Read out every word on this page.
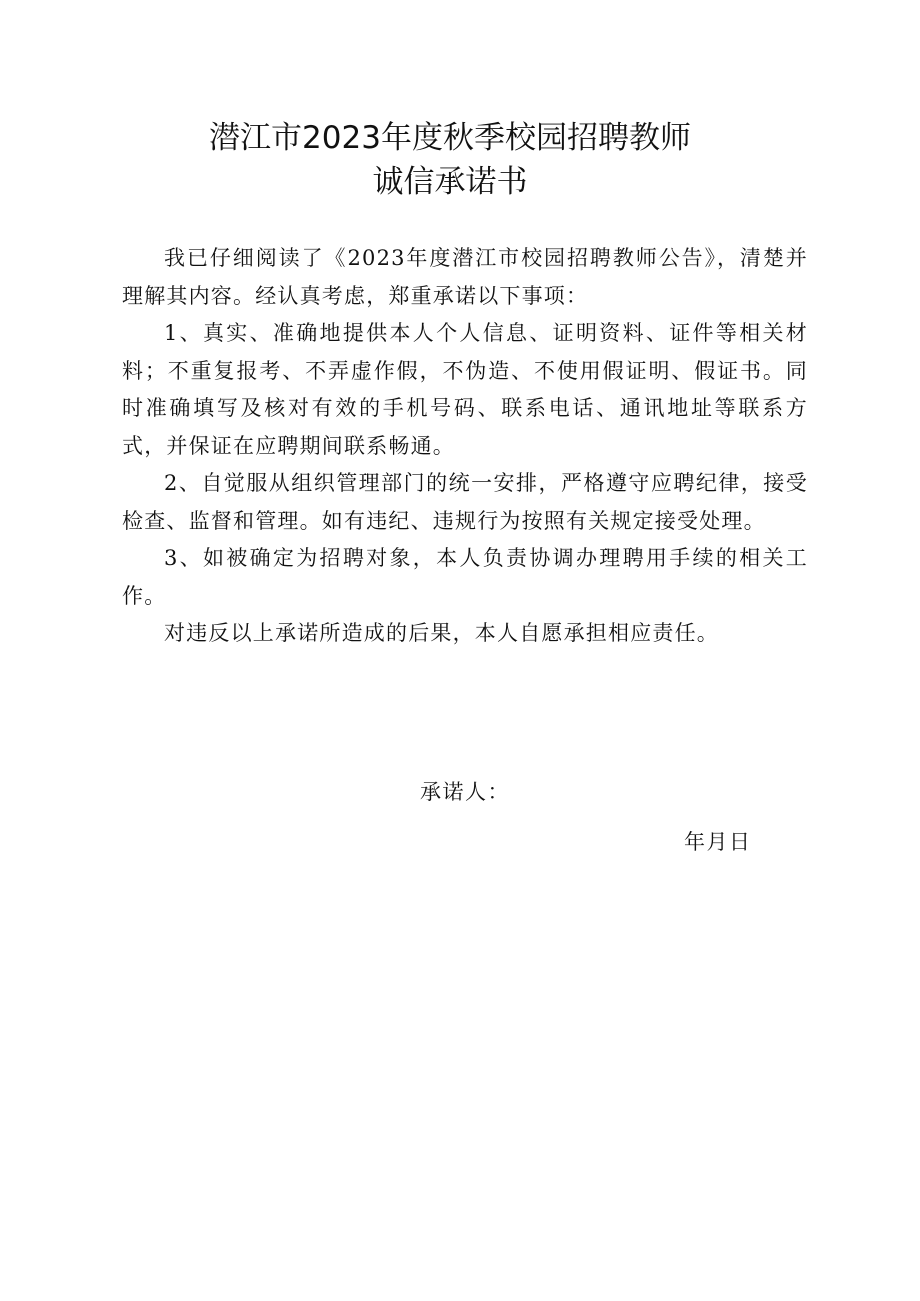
潜江市2023年度秋季校园招聘教师
诚信承诺书

我已仔细阅读了《2023年度潜江市校园招聘教师公告》，清楚并理解其内容。经认真考虑，郑重承诺以下事项：

1、真实、准确地提供本人个人信息、证明资料、证件等相关材料；不重复报考、不弄虚作假，不伪造、不使用假证明、假证书。同时准确填写及核对有效的手机号码、联系电话、通讯地址等联系方式，并保证在应聘期间联系畅通。

2、自觉服从组织管理部门的统一安排，严格遵守应聘纪律，接受检查、监督和管理。如有违纪、违规行为按照有关规定接受处理。

3、如被确定为招聘对象，本人负责协调办理聘用手续的相关工作。

对违反以上承诺所造成的后果，本人自愿承担相应责任。

承诺人：
年月日
